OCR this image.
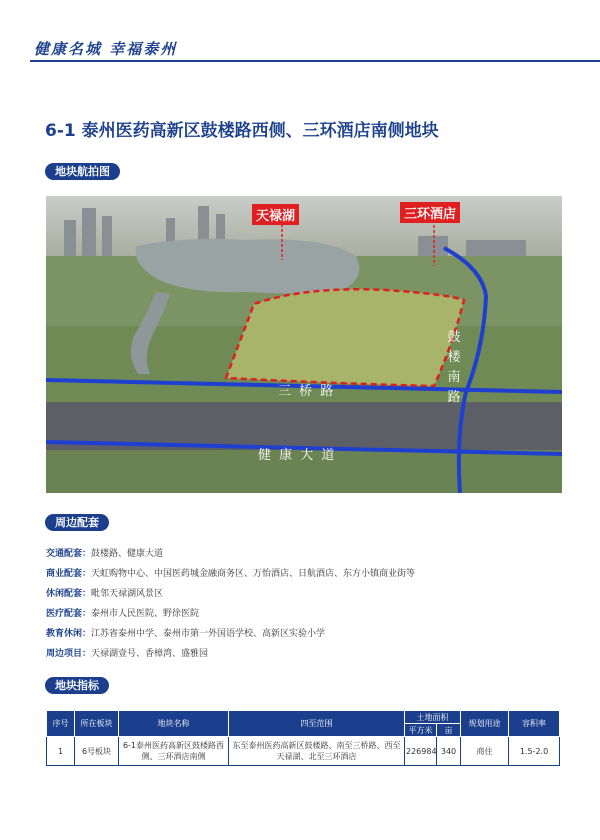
健康名城 幸福泰州
6-1 泰州医药高新区鼓楼路西侧、三环酒店南侧地块
地块航拍图
天禄湖	三环酒店
三 桥 路
健 康 大 道
鼓
楼
南
路
周边配套
交通配套：鼓楼路、健康大道
商业配套：天虹购物中心、中国医药城金融商务区、万怡酒店、日航酒店、东方小镇商业街等
休闲配套：毗邻天禄湖风景区
医疗配套：泰州市人民医院、野徐医院
教育休闲：江苏省泰州中学、泰州市第一外国语学校、高新区实验小学
周边项目：天禄湖壹号、香樟湾、盛雅园
地块指标
序号	所在板块	地块名称	四至范围	土地面积		规划用途	容积率
				平方米	亩		
1	6号板块	6-1泰州医药高新区鼓楼路西侧、三环酒店南侧	东至泰州医药高新区鼓楼路、南至三桥路、西至天禄湖、北至三环酒店	226984	340	商住	1.5-2.0
